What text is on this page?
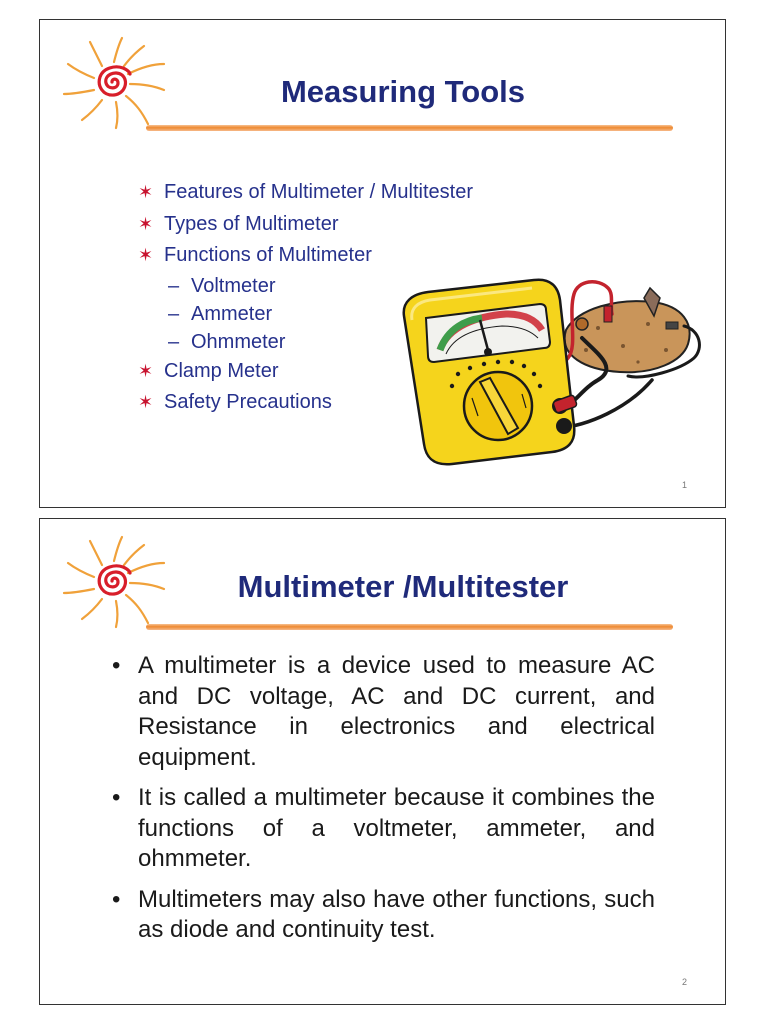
Measuring Tools
✶ Features of Multimeter / Multitester
✶ Types of Multimeter
✶ Functions of Multimeter
– Voltmeter
– Ammeter
– Ohmmeter
✶ Clamp Meter
✶ Safety Precautions
1
Multimeter /Multitester
• A multimeter is a device used to measure AC and DC voltage, AC and DC current, and Resistance in electronics and electrical equipment.
• It is called a multimeter because it combines the functions of a voltmeter, ammeter, and ohmmeter.
• Multimeters may also have other functions, such as diode and continuity test.
2
